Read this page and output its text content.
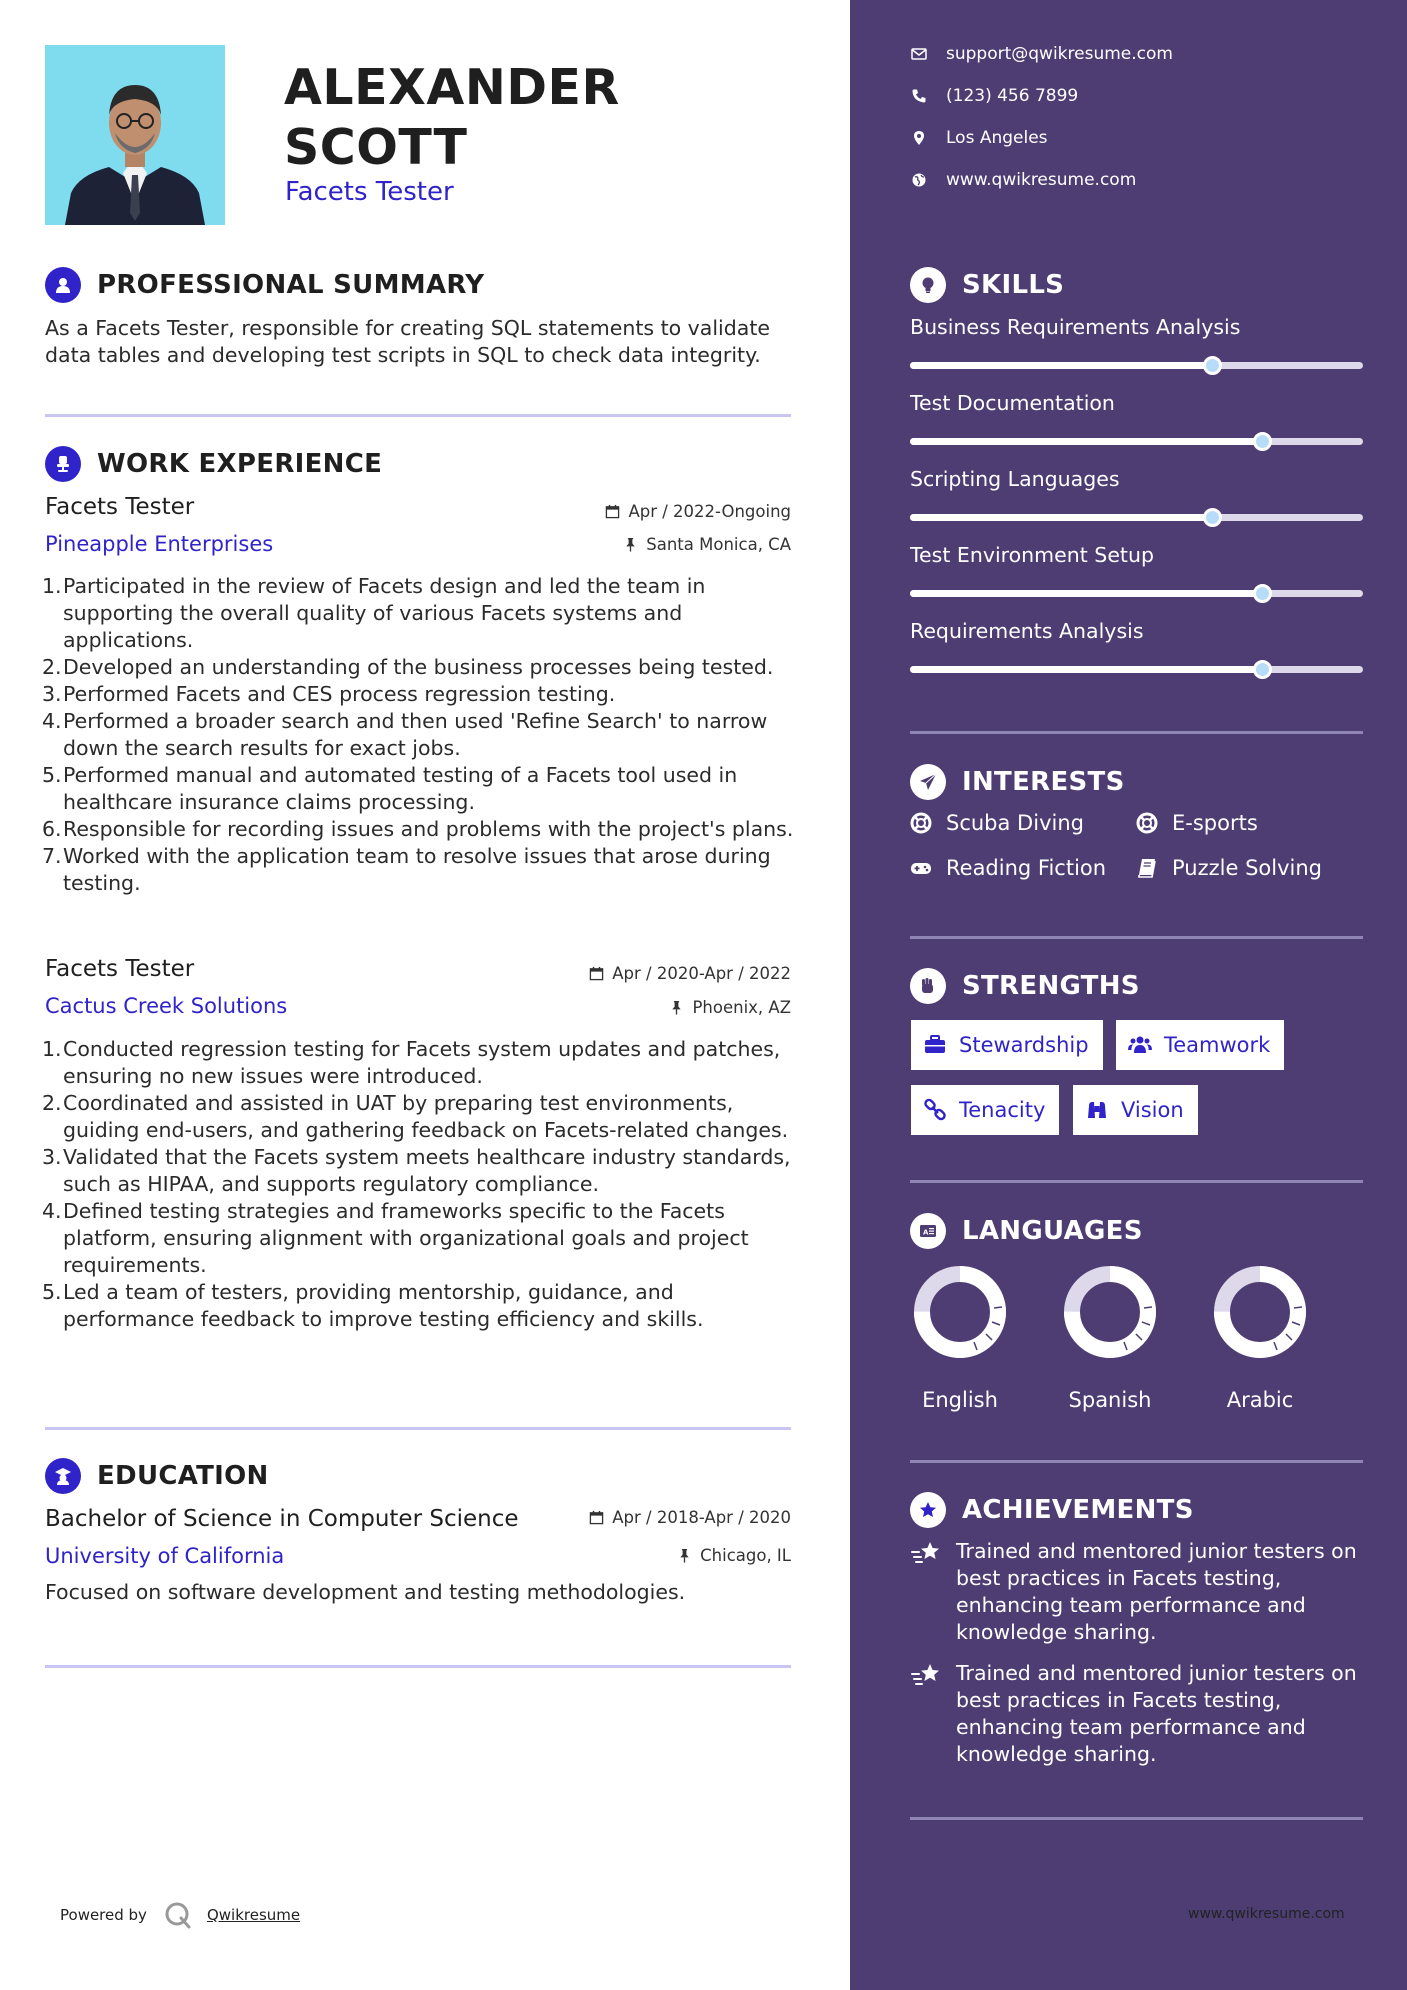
ALEXANDER
SCOTT
Facets Tester
PROFESSIONAL SUMMARY
As a Facets Tester, responsible for creating SQL statements to validate data tables and developing test scripts in SQL to check data integrity.
WORK EXPERIENCE
Facets Tester	Apr / 2022-Ongoing
Pineapple Enterprises	Santa Monica, CA
1. Participated in the review of Facets design and led the team in supporting the overall quality of various Facets systems and applications.
2. Developed an understanding of the business processes being tested.
3. Performed Facets and CES process regression testing.
4. Performed a broader search and then used 'Refine Search' to narrow down the search results for exact jobs.
5. Performed manual and automated testing of a Facets tool used in healthcare insurance claims processing.
6. Responsible for recording issues and problems with the project's plans.
7. Worked with the application team to resolve issues that arose during testing.
Facets Tester	Apr / 2020-Apr / 2022
Cactus Creek Solutions	Phoenix, AZ
1. Conducted regression testing for Facets system updates and patches, ensuring no new issues were introduced.
2. Coordinated and assisted in UAT by preparing test environments, guiding end-users, and gathering feedback on Facets-related changes.
3. Validated that the Facets system meets healthcare industry standards, such as HIPAA, and supports regulatory compliance.
4. Defined testing strategies and frameworks specific to the Facets platform, ensuring alignment with organizational goals and project requirements.
5. Led a team of testers, providing mentorship, guidance, and performance feedback to improve testing efficiency and skills.
EDUCATION
Bachelor of Science in Computer Science	Apr / 2018-Apr / 2020
University of California	Chicago, IL
Focused on software development and testing methodologies.
Powered by	Qwikresume
support@qwikresume.com
(123) 456 7899
Los Angeles
www.qwikresume.com
SKILLS
Business Requirements Analysis
Test Documentation
Scripting Languages
Test Environment Setup
Requirements Analysis
INTERESTS
Scuba Diving	E-sports
Reading Fiction	Puzzle Solving
STRENGTHS
Stewardship	Teamwork
Tenacity	Vision
A LANGUAGES
English	Spanish	Arabic
ACHIEVEMENTS
Trained and mentored junior testers on best practices in Facets testing, enhancing team performance and knowledge sharing.
Trained and mentored junior testers on best practices in Facets testing, enhancing team performance and knowledge sharing.
www.qwikresume.com
